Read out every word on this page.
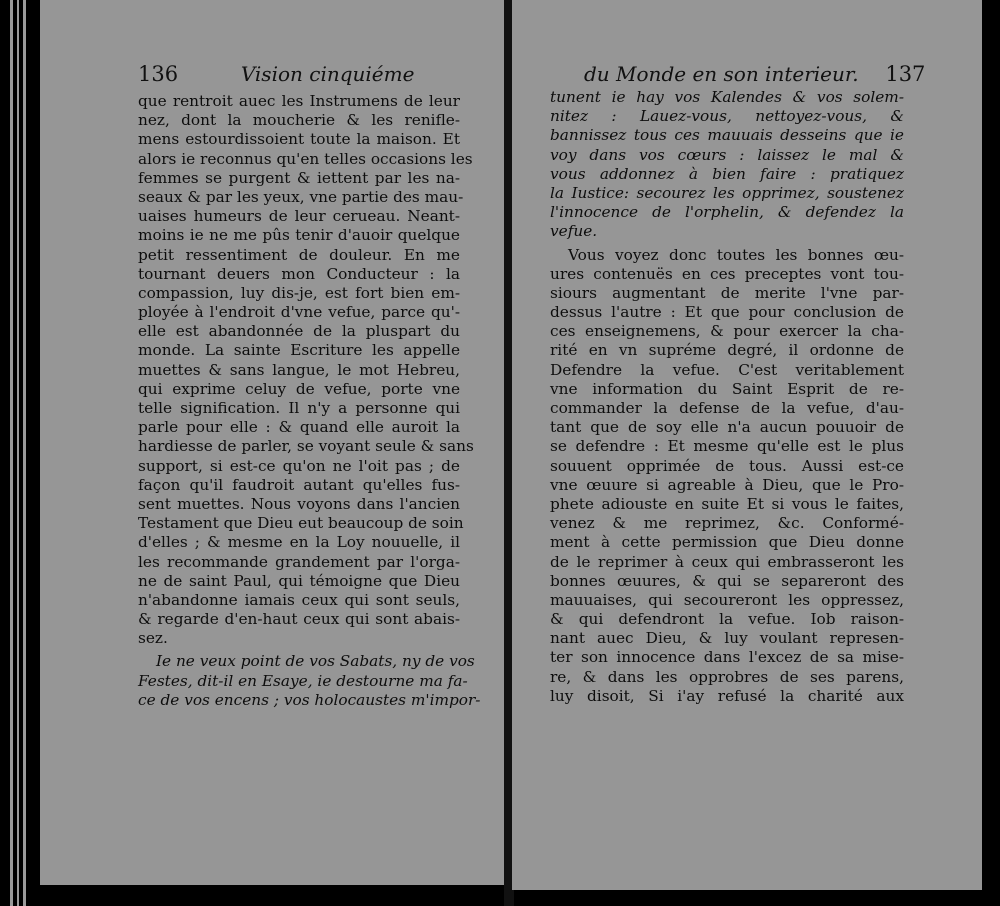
136	Vision cinquiéme
que rentroit auec les Instrumens de leur
nez, dont la moucherie & les renifle-
mens estourdissoient toute la maison. Et
alors ie reconnus qu'en telles occasions les
femmes se purgent & iettent par les na-
seaux & par les yeux, vne partie des mau-
uaises humeurs de leur cerueau. Neant-
moins ie ne me pûs tenir d'auoir quelque
petit ressentiment de douleur. En me
tournant deuers mon Conducteur : la
compassion, luy dis-je, est fort bien em-
ployée à l'endroit d'vne vefue, parce qu'-
elle est abandonnée de la pluspart du
monde. La sainte Escriture les appelle
muettes & sans langue, le mot Hebreu,
qui exprime celuy de vefue, porte vne
telle signification. Il n'y a personne qui
parle pour elle : & quand elle auroit la
hardiesse de parler, se voyant seule & sans
support, si est-ce qu'on ne l'oit pas ; de
façon qu'il faudroit autant qu'elles fus-
sent muettes. Nous voyons dans l'ancien
Testament que Dieu eut beaucoup de soin
d'elles ; & mesme en la Loy nouuelle, il
les recommande grandement par l'orga-
ne de saint Paul, qui témoigne que Dieu
n'abandonne iamais ceux qui sont seuls,
& regarde d'en-haut ceux qui sont abais-
sez.
Ie ne veux point de vos Sabats, ny de vos
Festes, dit-il en Esaye, ie destourne ma fa-
ce de vos encens ; vos holocaustes m'impor-
du Monde en son interieur. 137
tunent ie hay vos Kalendes & vos solem-
nitez : Lauez-vous, nettoyez-vous, &
bannissez tous ces mauuais desseins que ie
voy dans vos cœurs : laissez le mal &
vous addonnez à bien faire : pratiquez
la Iustice: secourez les opprimez, soustenez
l'innocence de l'orphelin, & defendez la
vefue.
Vous voyez donc toutes les bonnes œu-
ures contenuës en ces preceptes vont tou-
siours augmentant de merite l'vne par-
dessus l'autre : Et que pour conclusion de
ces enseignemens, & pour exercer la cha-
rité en vn supréme degré, il ordonne de
Defendre la vefue. C'est veritablement
vne information du Saint Esprit de re-
commander la defense de la vefue, d'au-
tant que de soy elle n'a aucun pouuoir de
se defendre : Et mesme qu'elle est le plus
souuent opprimée de tous. Aussi est-ce
vne œuure si agreable à Dieu, que le Pro-
phete adiouste en suite Et si vous le faites,
venez & me reprimez, &c. Conformé-
ment à cette permission que Dieu donne
de le reprimer à ceux qui embrasseront les
bonnes œuures, & qui se separeront des
mauuaises, qui secoureront les oppressez,
& qui defendront la vefue. Iob raison-
nant auec Dieu, & luy voulant represen-
ter son innocence dans l'excez de sa mise-
re, & dans les opprobres de ses parens,
luy disoit, Si i'ay refusé la charité aux
